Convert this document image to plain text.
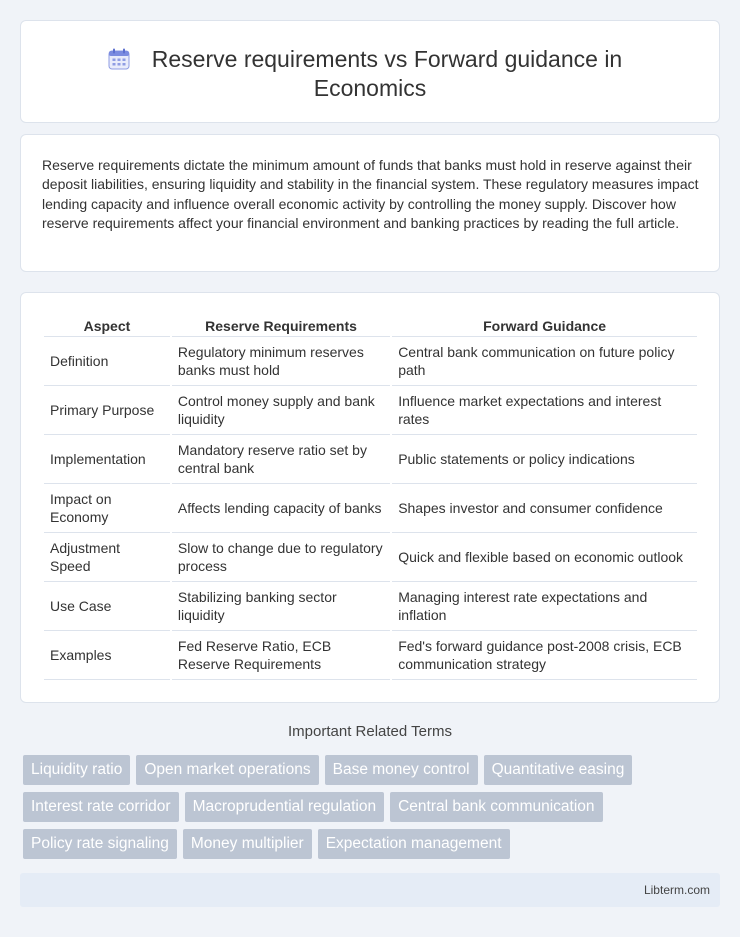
Reserve requirements vs Forward guidance in
Economics

Reserve requirements dictate the minimum amount of funds that banks must hold in reserve against their deposit liabilities, ensuring liquidity and stability in the financial system. These regulatory measures impact lending capacity and influence overall economic activity by controlling the money supply. Discover how reserve requirements affect your financial environment and banking practices by reading the full article.

Aspect	Reserve Requirements	Forward Guidance
Definition	Regulatory minimum reserves banks must hold	Central bank communication on future policy path
Primary Purpose	Control money supply and bank liquidity	Influence market expectations and interest rates
Implementation	Mandatory reserve ratio set by central bank	Public statements or policy indications
Impact on Economy	Affects lending capacity of banks	Shapes investor and consumer confidence
Adjustment Speed	Slow to change due to regulatory process	Quick and flexible based on economic outlook
Use Case	Stabilizing banking sector liquidity	Managing interest rate expectations and inflation
Examples	Fed Reserve Ratio, ECB Reserve Requirements	Fed's forward guidance post-2008 crisis, ECB communication strategy
Important Related Terms
Liquidity ratio	Open market operations	Base money control	Quantitative easing
Interest rate corridor	Macroprudential regulation	Central bank communication
Policy rate signaling	Money multiplier	Expectation management
Libterm.com
